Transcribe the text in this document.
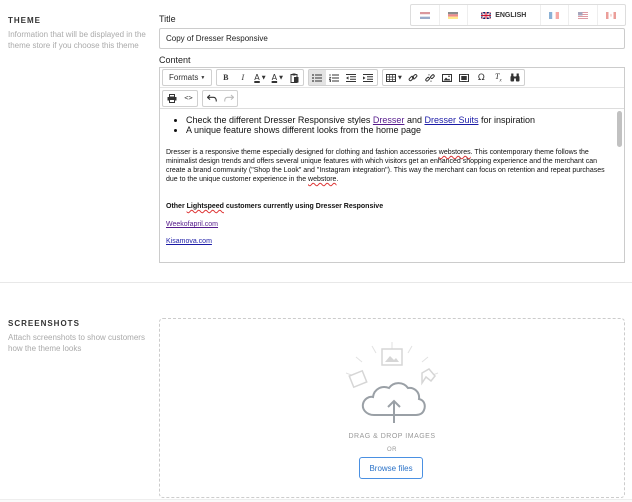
THEME
Information that will be displayed in the theme store if you choose this theme
Title	ENGLISH
Copy of Dresser Responsive
Content
Formats ▼ B I A ▼ A ▼	▼	Ω $T_x$
<>
• Check the different Dresser Responsive styles Dresser and Dresser Suits for inspiration
• A unique feature shows different looks from the home page

Dresser is a responsive theme especially designed for clothing and fashion accessories webstores. This contemporary theme follows the minimalist design trends and offers several unique features with which visitors get an enhanced shopping experience and the merchant can create a brand community ("Shop the Look" and "Instagram integration"). This way the merchant can focus on retention and repeat purchases due to the unique customer experience in the webstore.

Other Lightspeed customers currently using Dresser Responsive

Weekofapril.com

Kisamova.com

SCREENSHOTS
Attach screenshots to show customers how the theme looks
DRAG & DROP IMAGES
OR
Browse files
